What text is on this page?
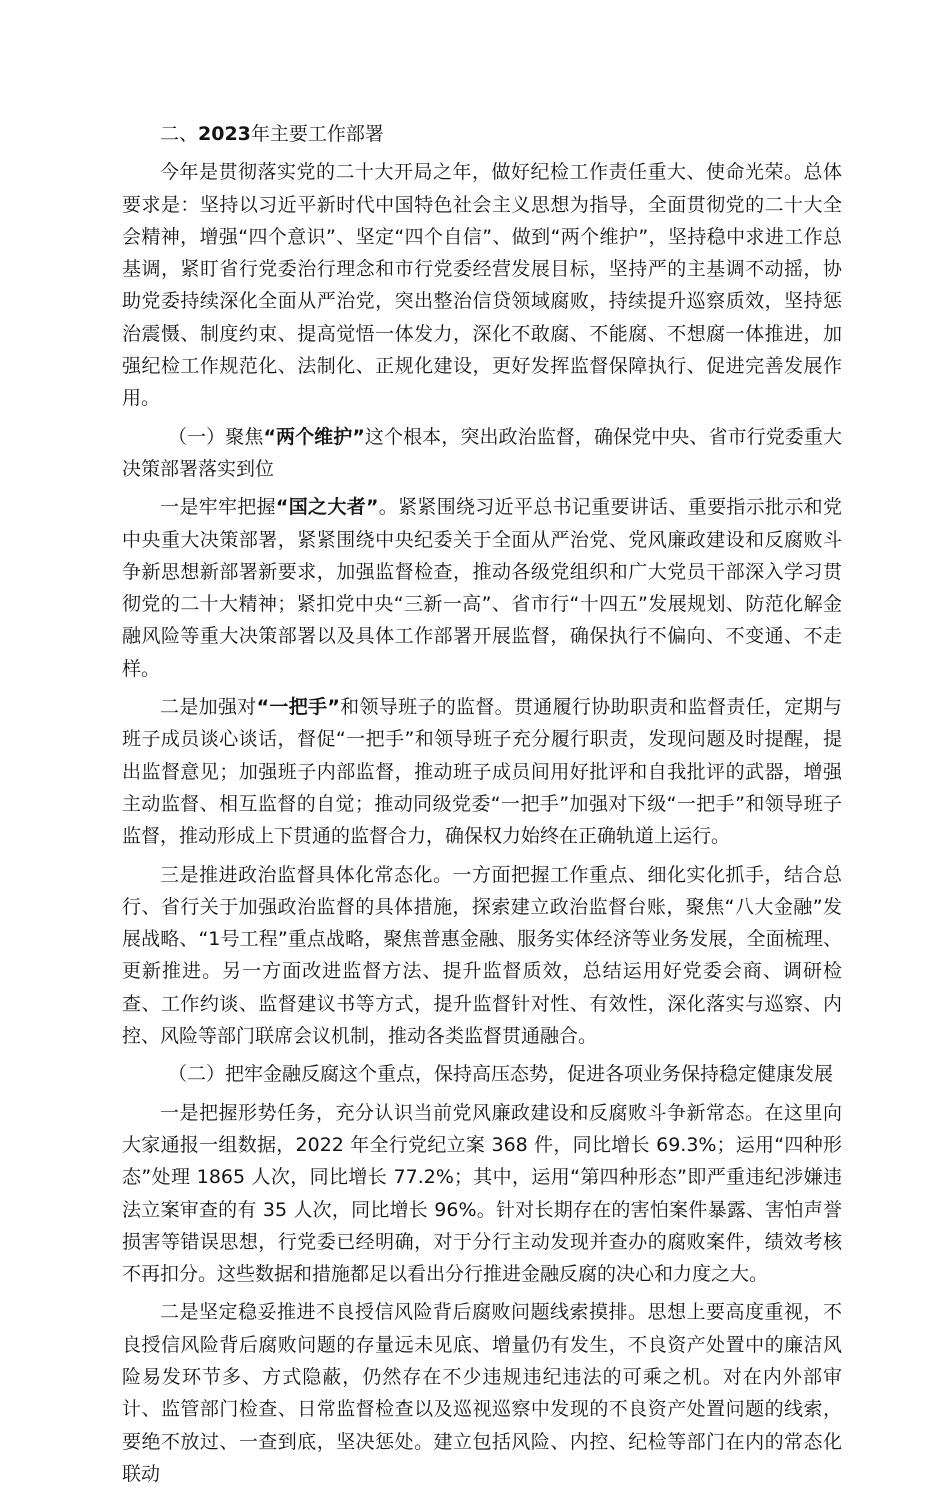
二、2023年主要工作部署

今年是贯彻落实党的二十大开局之年，做好纪检工作责任重大、使命光荣。总体要求是：坚持以习近平新时代中国特色社会主义思想为指导，全面贯彻党的二十大全会精神，增强“四个意识”、坚定“四个自信”、做到“两个维护”，坚持稳中求进工作总基调，紧盯省行党委治行理念和市行党委经营发展目标，坚持严的主基调不动摇，协助党委持续深化全面从严治党，突出整治信贷领域腐败，持续提升巡察质效，坚持惩治震慑、制度约束、提高觉悟一体发力，深化不敢腐、不能腐、不想腐一体推进，加强纪检工作规范化、法制化、正规化建设，更好发挥监督保障执行、促进完善发展作用。

（一）聚焦“两个维护”这个根本，突出政治监督，确保党中央、省市行党委重大决策部署落实到位

一是牢牢把握“国之大者”。紧紧围绕习近平总书记重要讲话、重要指示批示和党中央重大决策部署，紧紧围绕中央纪委关于全面从严治党、党风廉政建设和反腐败斗争新思想新部署新要求，加强监督检查，推动各级党组织和广大党员干部深入学习贯彻党的二十大精神；紧扣党中央“三新一高”、省市行“十四五”发展规划、防范化解金融风险等重大决策部署以及具体工作部署开展监督，确保执行不偏向、不变通、不走样。

二是加强对“一把手”和领导班子的监督。贯通履行协助职责和监督责任，定期与班子成员谈心谈话，督促“一把手”和领导班子充分履行职责，发现问题及时提醒，提出监督意见；加强班子内部监督，推动班子成员间用好批评和自我批评的武器，增强主动监督、相互监督的自觉；推动同级党委“一把手”加强对下级“一把手”和领导班子监督，推动形成上下贯通的监督合力，确保权力始终在正确轨道上运行。

三是推进政治监督具体化常态化。一方面把握工作重点、细化实化抓手，结合总行、省行关于加强政治监督的具体措施，探索建立政治监督台账，聚焦“八大金融”发展战略、“1号工程”重点战略，聚焦普惠金融、服务实体经济等业务发展，全面梳理、更新推进。另一方面改进监督方法、提升监督质效，总结运用好党委会商、调研检查、工作约谈、监督建议书等方式，提升监督针对性、有效性，深化落实与巡察、内控、风险等部门联席会议机制，推动各类监督贯通融合。

（二）把牢金融反腐这个重点，保持高压态势，促进各项业务保持稳定健康发展

一是把握形势任务，充分认识当前党风廉政建设和反腐败斗争新常态。在这里向大家通报一组数据，2022 年全行党纪立案 368 件，同比增长 69.3%；运用“四种形态”处理 1865 人次，同比增长 77.2%；其中，运用“第四种形态”即严重违纪涉嫌违法立案审查的有 35 人次，同比增长 96%。针对长期存在的害怕案件暴露、害怕声誉损害等错误思想，行党委已经明确，对于分行主动发现并查办的腐败案件，绩效考核不再扣分。这些数据和措施都足以看出分行推进金融反腐的决心和力度之大。

二是坚定稳妥推进不良授信风险背后腐败问题线索摸排。思想上要高度重视，不良授信风险背后腐败问题的存量远未见底、增量仍有发生，不良资产处置中的廉洁风险易发环节多、方式隐蔽，仍然存在不少违规违纪违法的可乘之机。对在内外部审计、监管部门检查、日常监督检查以及巡视巡察中发现的不良资产处置问题的线索，要绝不放过、一查到底，坚决惩处。建立包括风险、内控、纪检等部门在内的常态化联动
